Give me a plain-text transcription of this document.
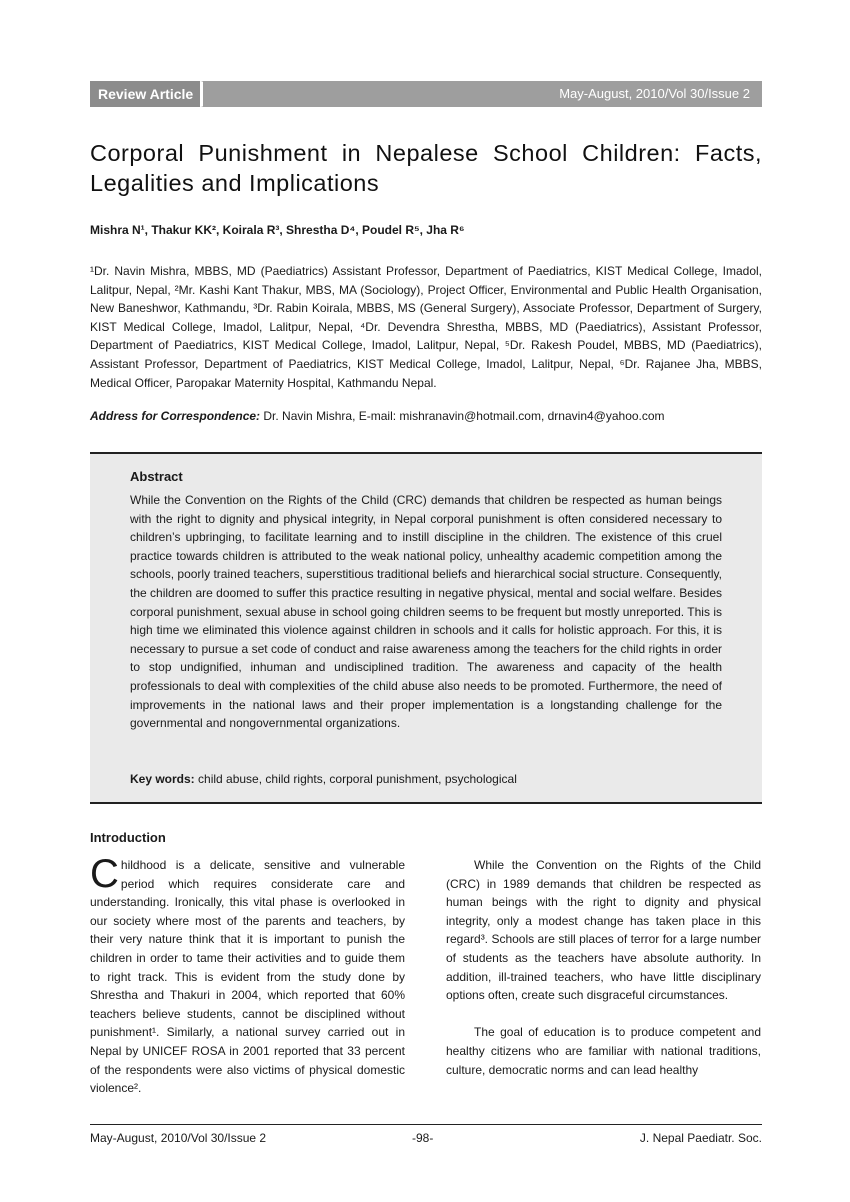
Review Article	May-August, 2010/Vol 30/Issue 2
Corporal Punishment in Nepalese School Children: Facts, Legalities and Implications
Mishra N¹, Thakur KK², Koirala R³, Shrestha D⁴, Poudel R⁵, Jha R⁶
¹Dr. Navin Mishra, MBBS, MD (Paediatrics) Assistant Professor, Department of Paediatrics, KIST Medical College, Imadol, Lalitpur, Nepal, ²Mr. Kashi Kant Thakur, MBS, MA (Sociology), Project Officer, Environmental and Public Health Organisation, New Baneshwor, Kathmandu, ³Dr. Rabin Koirala, MBBS, MS (General Surgery), Associate Professor, Department of Surgery, KIST Medical College, Imadol, Lalitpur, Nepal, ⁴Dr. Devendra Shrestha, MBBS, MD (Paediatrics), Assistant Professor, Department of Paediatrics, KIST Medical College, Imadol, Lalitpur, Nepal, ⁵Dr. Rakesh Poudel, MBBS, MD (Paediatrics), Assistant Professor, Department of Paediatrics, KIST Medical College, Imadol, Lalitpur, Nepal, ⁶Dr. Rajanee Jha, MBBS, Medical Officer, Paropakar Maternity Hospital, Kathmandu Nepal.
Address for Correspondence: Dr. Navin Mishra, E-mail: mishranavin@hotmail.com, drnavin4@yahoo.com
Abstract
While the Convention on the Rights of the Child (CRC) demands that children be respected as human beings with the right to dignity and physical integrity, in Nepal corporal punishment is often considered necessary to children’s upbringing, to facilitate learning and to instill discipline in the children. The existence of this cruel practice towards children is attributed to the weak national policy, unhealthy academic competition among the schools, poorly trained teachers, superstitious traditional beliefs and hierarchical social structure. Consequently, the children are doomed to suffer this practice resulting in negative physical, mental and social welfare. Besides corporal punishment, sexual abuse in school going children seems to be frequent but mostly unreported. This is high time we eliminated this violence against children in schools and it calls for holistic approach. For this, it is necessary to pursue a set code of conduct and raise awareness among the teachers for the child rights in order to stop undignified, inhuman and undisciplined tradition. The awareness and capacity of the health professionals to deal with complexities of the child abuse also needs to be promoted. Furthermore, the need of improvements in the national laws and their proper implementation is a longstanding challenge for the governmental and nongovernmental organizations.
Key words: child abuse, child rights, corporal punishment, psychological
Introduction

Childhood is a delicate, sensitive and vulnerable period which requires considerate care and understanding. Ironically, this vital phase is overlooked in our society where most of the parents and teachers, by their very nature think that it is important to punish the children in order to tame their activities and to guide them to right track. This is evident from the study done by Shrestha and Thakuri in 2004, which reported that 60% teachers believe students, cannot be disciplined without punishment¹. Similarly, a national survey carried out in Nepal by UNICEF ROSA in 2001 reported that 33 percent of the respondents were also victims of physical domestic violence².

While the Convention on the Rights of the Child (CRC) in 1989 demands that children be respected as human beings with the right to dignity and physical integrity, only a modest change has taken place in this regard³. Schools are still places of terror for a large number of students as the teachers have absolute authority. In addition, ill-trained teachers, who have little disciplinary options often, create such disgraceful circumstances.

The goal of education is to produce competent and healthy citizens who are familiar with national traditions, culture, democratic norms and can lead healthy

May-August, 2010/Vol 30/Issue 2	-98-	J. Nepal Paediatr. Soc.
